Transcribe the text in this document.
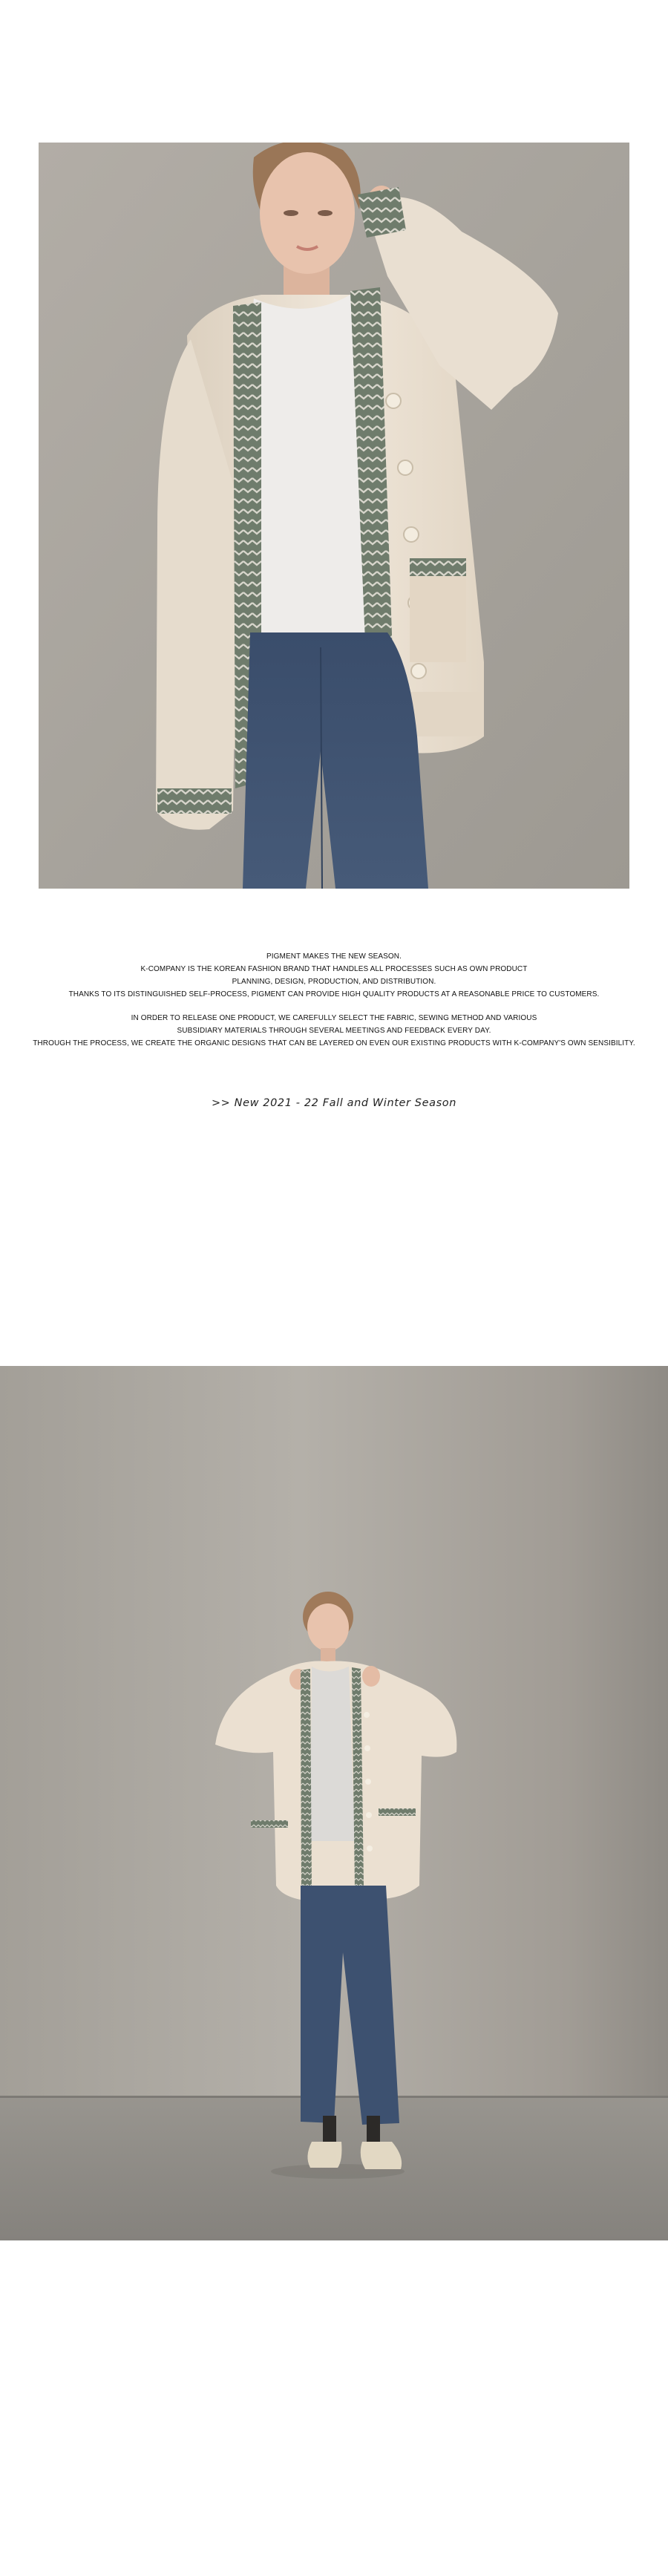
PIGMENT MAKES THE NEW SEASON.
K-COMPANY IS THE KOREAN FASHION BRAND THAT HANDLES ALL PROCESSES SUCH AS OWN PRODUCT
PLANNING, DESIGN, PRODUCTION, AND DISTRIBUTION.
THANKS TO ITS DISTINGUISHED SELF-PROCESS, PIGMENT CAN PROVIDE HIGH QUALITY PRODUCTS AT A REASONABLE PRICE TO CUSTOMERS.
IN ORDER TO RELEASE ONE PRODUCT, WE CAREFULLY SELECT THE FABRIC, SEWING METHOD AND VARIOUS
SUBSIDIARY MATERIALS THROUGH SEVERAL MEETINGS AND FEEDBACK EVERY DAY.
THROUGH THE PROCESS, WE CREATE THE ORGANIC DESIGNS THAT CAN BE LAYERED ON EVEN OUR EXISTING PRODUCTS WITH K-COMPANY'S OWN SENSIBILITY.
>> New 2021 - 22 Fall and Winter Season
